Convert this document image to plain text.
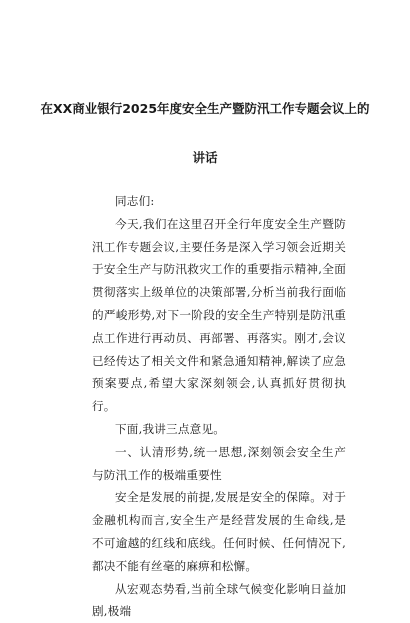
在XX商业银行2025年度安全生产暨防汛工作专题会议上的
讲话

同志们:

今天,我们在这里召开全行年度安全生产暨防汛工作专题会议,主要任务是深入学习领会近期关于安全生产与防汛救灾工作的重要指示精神,全面贯彻落实上级单位的决策部署,分析当前我行面临的严峻形势,对下一阶段的安全生产特别是防汛重点工作进行再动员、再部署、再落实。刚才,会议已经传达了相关文件和紧急通知精神,解读了应急预案要点,希望大家深刻领会,认真抓好贯彻执行。

下面,我讲三点意见。

一、认清形势,统一思想,深刻领会安全生产与防汛工作的极端重要性

安全是发展的前提,发展是安全的保障。对于金融机构而言,安全生产是经营发展的生命线,是不可逾越的红线和底线。任何时候、任何情况下,都决不能有丝毫的麻痹和松懈。

从宏观态势看,当前全球气候变化影响日益加剧,极端
